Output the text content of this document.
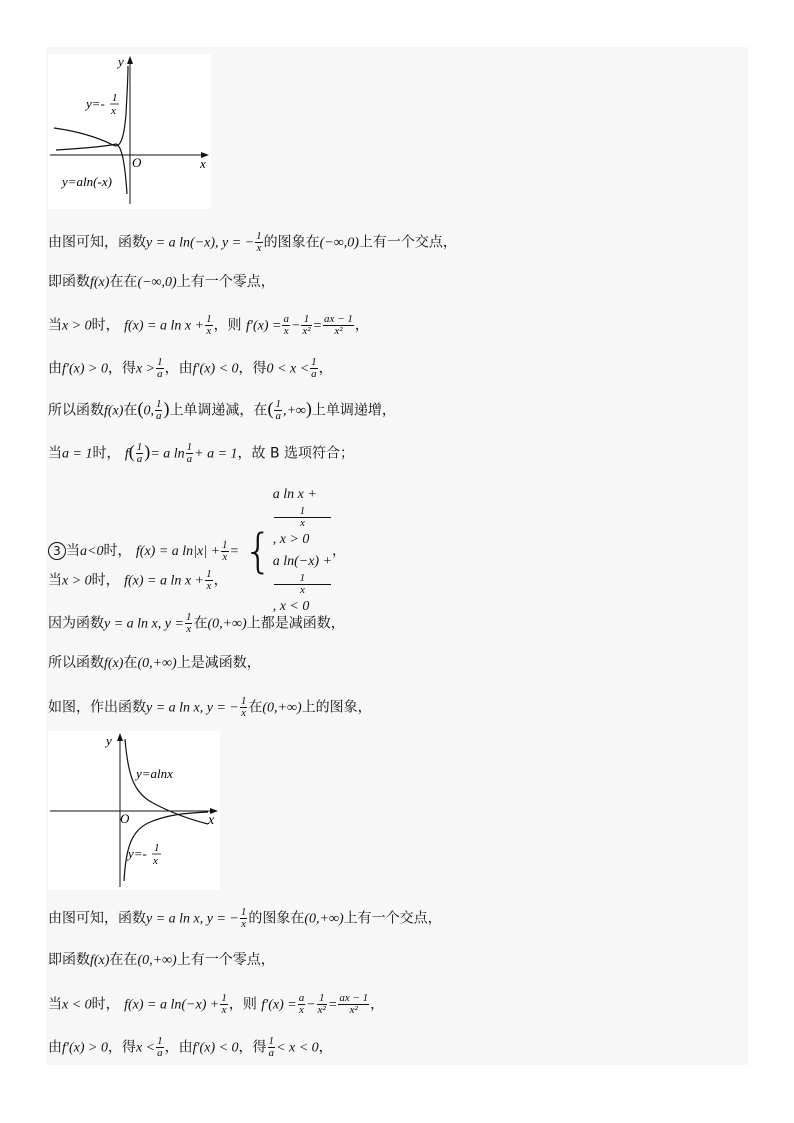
y
x
O
y=- 1
x
y=aln(-x)
由图可知，函数y = a ln(−x), y = − $\frac{1}{x}$ 的图象在(−∞,0)上有一个交点，
即函数f(x)在在(−∞,0)上有一个零点，
当x > 0时， f(x) = a $\ln x + \frac{1}{x}$ ，则 $f'(x) = \frac{a}{x} - \frac{1}{\text{x²}} = \frac{ax - 1}{\text{x²}}$ ，
由f′(x) > 0，得$x > \frac{1}{a}$ ，由f′(x) < 0，得$0 < x < \frac{1}{a}$ ，
所以函数f(x)在(0, $\frac{1}{a}$ )上单调递减，在( $\frac{1}{a}$ ,+∞)上单调递增，
当a = 1时， $f( \frac{1}{a}$ )= a $\ln \frac{1}{a} + a = 1$，故 B 选项符合；
3 当a<0时， f(x) = a $\ln|x| + \frac{1}{x}$ = {
a ln x +
1
x
, x > 0
a ln(−x) +
1
x
, x < 0
，
当x > 0时， f(x) = a $\ln x + \frac{1}{x}$ ，
因为函数y = a ln x, $y = \frac{1}{x}$ 在(0,+∞)上都是减函数，
所以函数f(x)在(0,+∞)上是减函数，
如图，作出函数y = a ln x, y = − $\frac{1}{x}$ 在(0,+∞)上的图象，
y
x
O
y=alnx
y=- 1
x
由图可知，函数y = a ln x, y = − $\frac{1}{x}$ 的图象在(0,+∞)上有一个交点，
即函数f(x)在在(0,+∞)上有一个零点，
当x < 0时， f(x) = a $\ln(-x) + \frac{1}{x}$ ，则 $f'(x) = \frac{a}{x} - \frac{1}{\text{x²}} = \frac{ax - 1}{\text{x²}}$ ，
由f′(x) > 0，得$x < \frac{1}{a}$ ，由f′(x) < 0，得 $\frac{1}{a} < x < 0$，
